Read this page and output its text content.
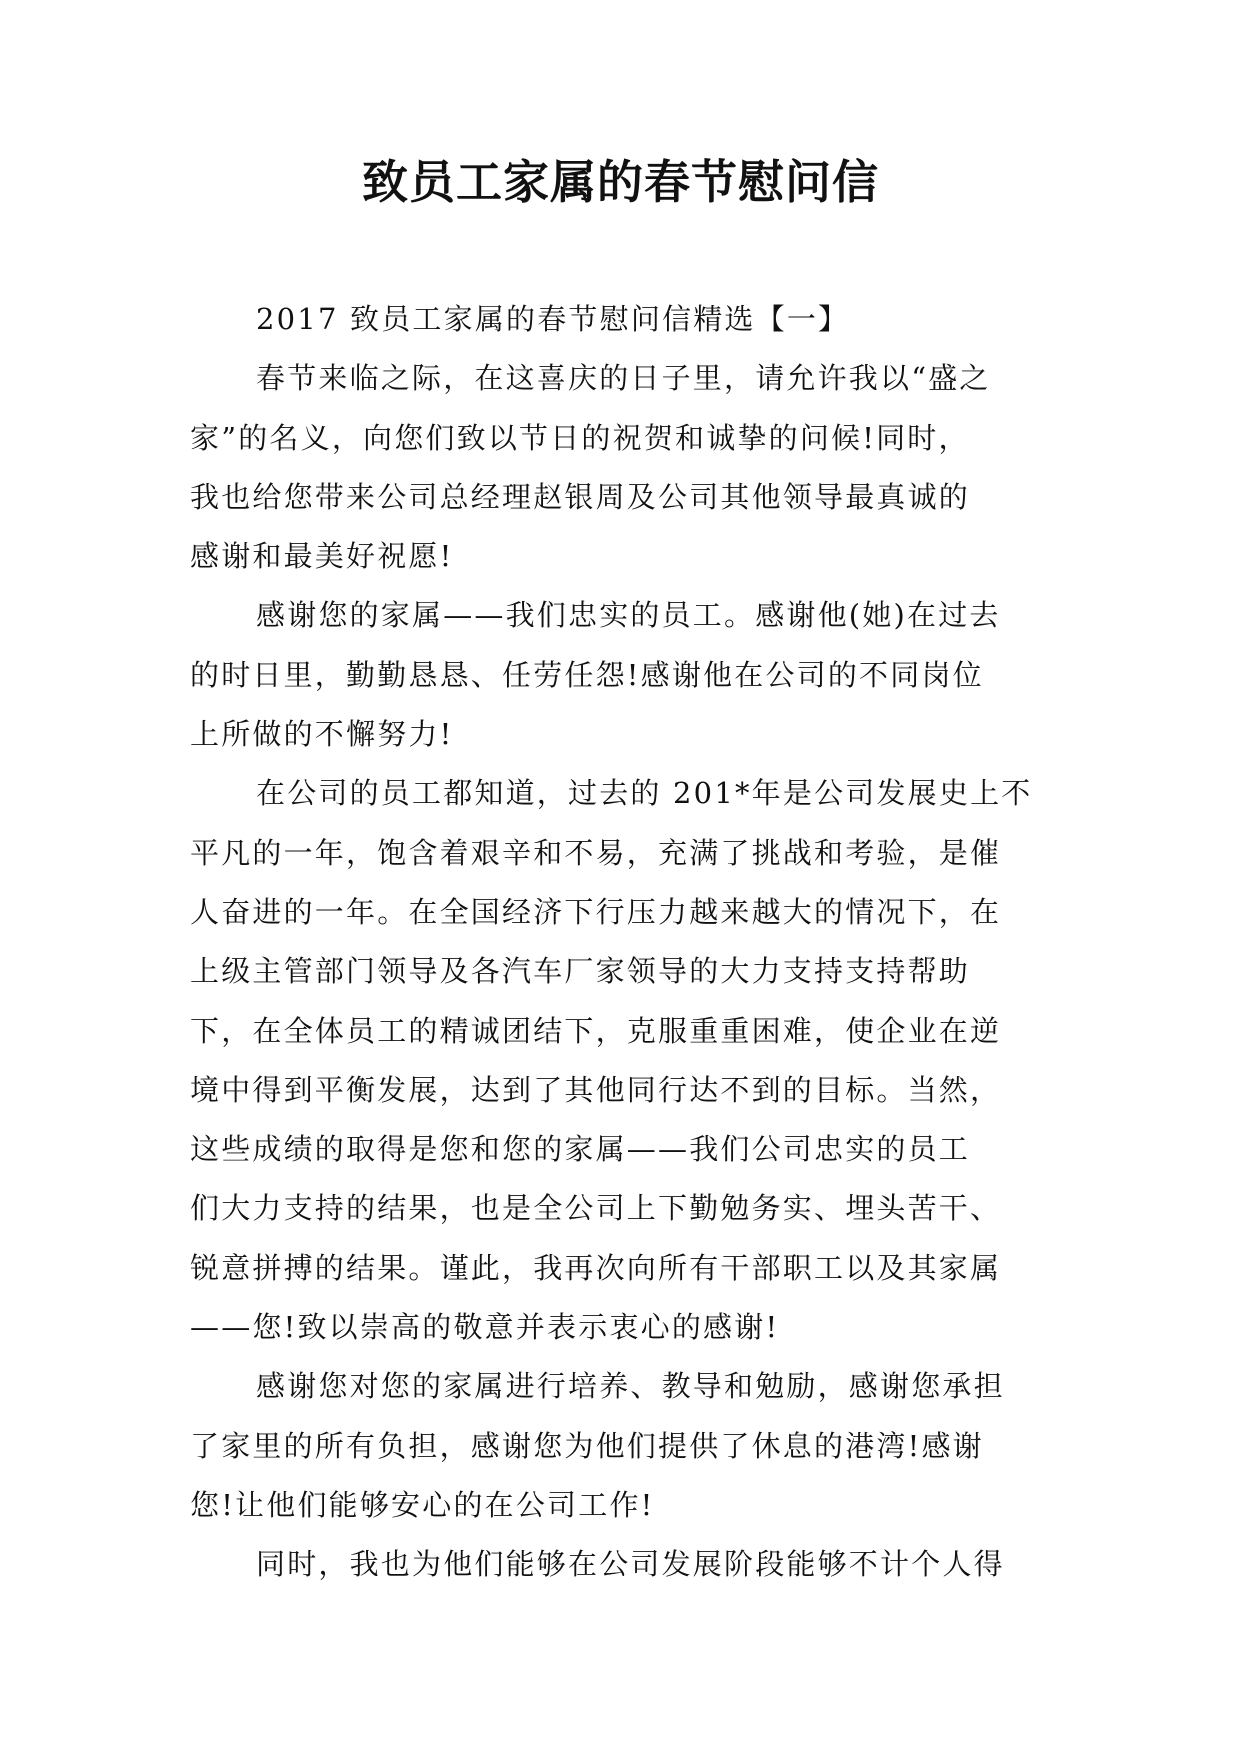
致员工家属的春节慰问信
2017 致员工家属的春节慰问信精选【一】
春节来临之际，在这喜庆的日子里，请允许我以“盛之
家”的名义，向您们致以节日的祝贺和诚挚的问候!同时，
我也给您带来公司总经理赵银周及公司其他领导最真诚的
感谢和最美好祝愿!
感谢您的家属——我们忠实的员工。感谢他(她)在过去
的时日里，勤勤恳恳、任劳任怨!感谢他在公司的不同岗位
上所做的不懈努力!
在公司的员工都知道，过去的 201*年是公司发展史上不
平凡的一年，饱含着艰辛和不易，充满了挑战和考验，是催
人奋进的一年。在全国经济下行压力越来越大的情况下，在
上级主管部门领导及各汽车厂家领导的大力支持支持帮助
下，在全体员工的精诚团结下，克服重重困难，使企业在逆
境中得到平衡发展，达到了其他同行达不到的目标。当然，
这些成绩的取得是您和您的家属——我们公司忠实的员工
们大力支持的结果，也是全公司上下勤勉务实、埋头苦干、
锐意拼搏的结果。谨此，我再次向所有干部职工以及其家属
——您!致以崇高的敬意并表示衷心的感谢!
感谢您对您的家属进行培养、教导和勉励，感谢您承担
了家里的所有负担，感谢您为他们提供了休息的港湾!感谢
您!让他们能够安心的在公司工作!
同时，我也为他们能够在公司发展阶段能够不计个人得
